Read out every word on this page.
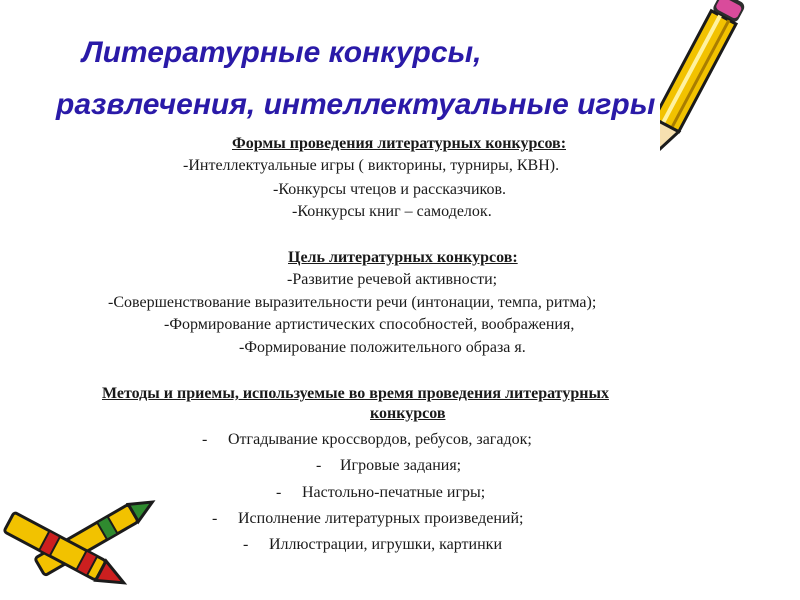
Литературные конкурсы,
развлечения, интеллектуальные игры
Формы проведения литературных конкурсов:
-Интеллектуальные игры ( викторины, турниры, КВН).
-Конкурсы чтецов и рассказчиков.
-Конкурсы книг – самоделок.
Цель литературных конкурсов:
-Развитие речевой активности;
-Совершенствование выразительности речи (интонации, темпа, ритма);
-Формирование артистических способностей, воображения,
-Формирование положительного образа я.
Методы и приемы, используемые во время проведения литературных
конкурсов
- Отгадывание кроссвордов, ребусов, загадок;
- Игровые задания;
- Настольно-печатные игры;
- Исполнение литературных произведений;
- Иллюстрации, игрушки, картинки
